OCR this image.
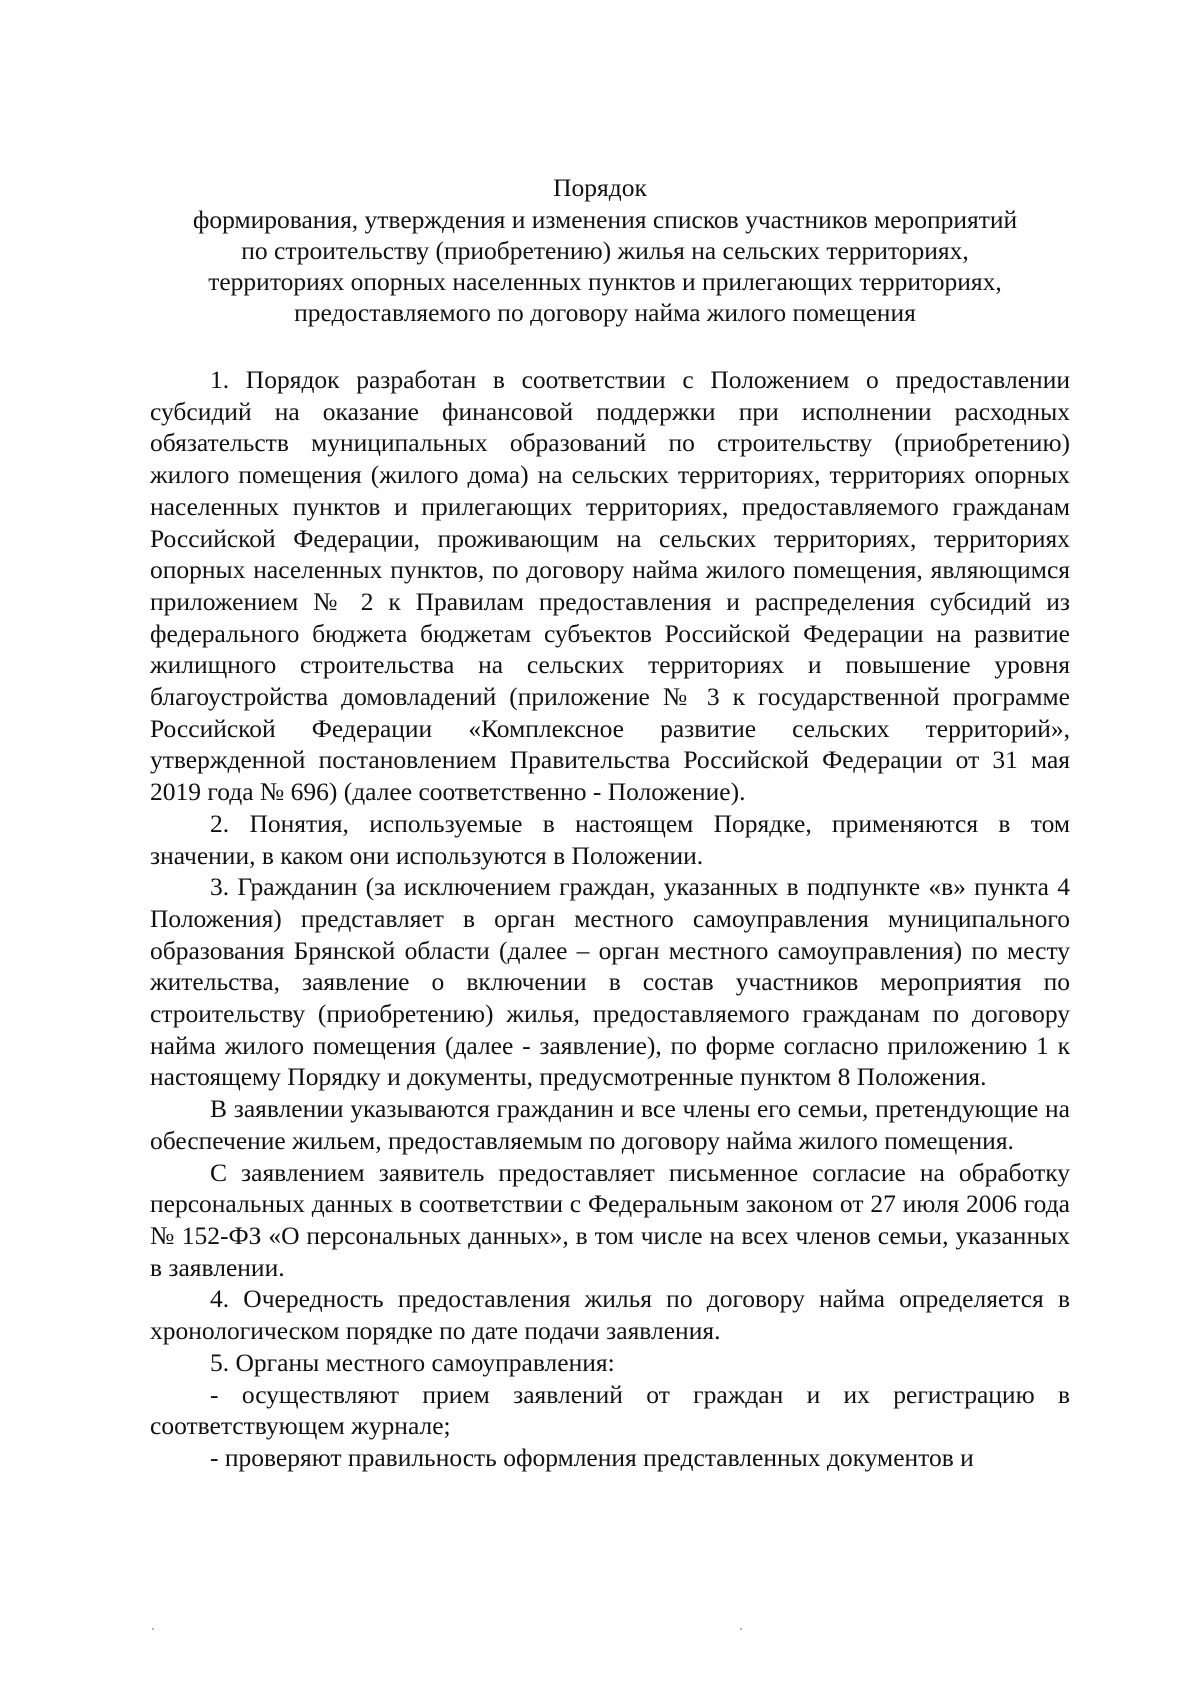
Порядок
формирования, утверждения и изменения списков участников мероприятий
по строительству (приобретению) жилья на сельских территориях,
территориях опорных населенных пунктов и прилегающих территориях,
предоставляемого по договору найма жилого помещения

1. Порядок разработан в соответствии с Положением о предоставлении субсидий на оказание финансовой поддержки при исполнении расходных обязательств муниципальных образований по строительству (приобретению) жилого помещения (жилого дома) на сельских территориях, территориях опорных населенных пунктов и прилегающих территориях, предоставляемого гражданам Российской Федерации, проживающим на сельских территориях, территориях опорных населенных пунктов, по договору найма жилого помещения, являющимся приложением № 2 к Правилам предоставления и распределения субсидий из федерального бюджета бюджетам субъектов Российской Федерации на развитие жилищного строительства на сельских территориях и повышение уровня благоустройства домовладений (приложение № 3 к государственной программе Российской Федерации «Комплексное развитие сельских территорий», утвержденной постановлением Правительства Российской Федерации от 31 мая 2019 года № 696) (далее соответственно - Положение).

2. Понятия, используемые в настоящем Порядке, применяются в том значении, в каком они используются в Положении.

3. Гражданин (за исключением граждан, указанных в подпункте «в» пункта 4 Положения) представляет в орган местного самоуправления муниципального образования Брянской области (далее – орган местного самоуправления) по месту жительства, заявление о включении в состав участников мероприятия по строительству (приобретению) жилья, предоставляемого гражданам по договору найма жилого помещения (далее - заявление), по форме согласно приложению 1 к настоящему Порядку и документы, предусмотренные пунктом 8 Положения.

В заявлении указываются гражданин и все члены его семьи, претендующие на обеспечение жильем, предоставляемым по договору найма жилого помещения.

С заявлением заявитель предоставляет письменное согласие на обработку персональных данных в соответствии с Федеральным законом от 27 июля 2006 года № 152-ФЗ «О персональных данных», в том числе на всех членов семьи, указанных в заявлении.

4. Очередность предоставления жилья по договору найма определяется в хронологическом порядке по дате подачи заявления.

5. Органы местного самоуправления:

- осуществляют прием заявлений от граждан и их регистрацию в соответствующем журнале;

- проверяют правильность оформления представленных документов и
